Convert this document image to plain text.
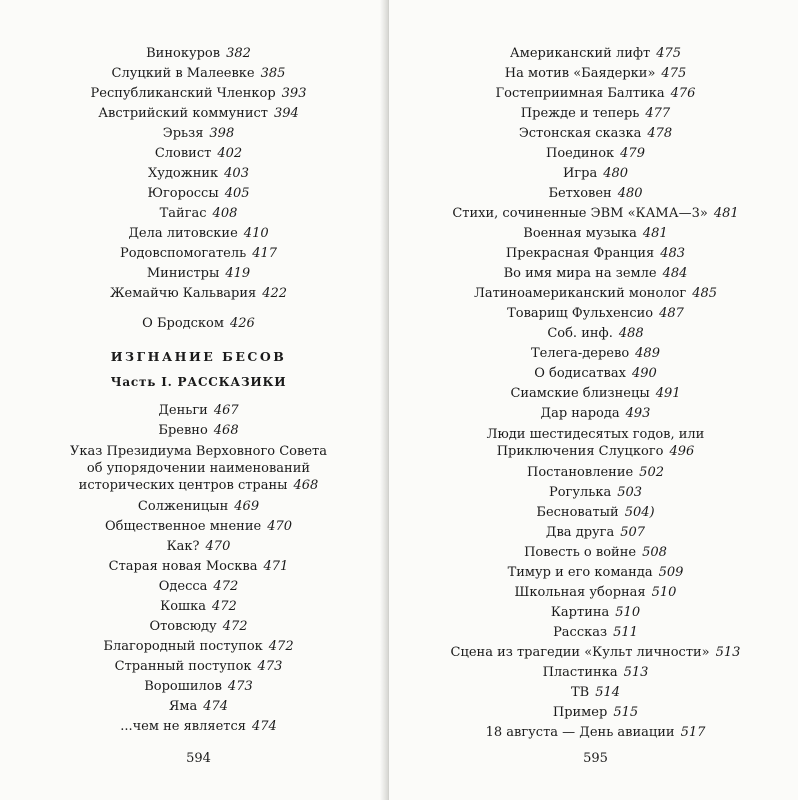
Винокуров 382
Слуцкий в Малеевке 385
Республиканский Членкор 393
Австрийский коммунист 394
Эрьзя 398
Словист 402
Художник 403
Югороссы 405
Тайгас 408
Дела литовские 410
Родовспомогатель 417
Министры 419
Жемайчю Кальвария 422
О Бродском 426
ИЗГНАНИЕ БЕСОВ
Часть I. РАССКАЗИКИ
Деньги 467
Бревно 468
Указ Президиума Верховного Совета
об упорядочении наименований
исторических центров страны 468
Солженицын 469
Общественное мнение 470
Как? 470
Старая новая Москва 471
Одесса 472
Кошка 472
Отовсюду 472
Благородный поступок 472
Странный поступок 473
Ворошилов 473
Яма 474
...чем не является 474
594
Американский лифт 475
На мотив «Баядерки» 475
Гостеприимная Балтика 476
Прежде и теперь 477
Эстонская сказка 478
Поединок 479
Игра 480
Бетховен 480
Стихи, сочиненные ЭВМ «КАМА—3» 481
Военная музыка 481
Прекрасная Франция 483
Во имя мира на земле 484
Латиноамериканский монолог 485
Товарищ Фульхенсио 487
Соб. инф. 488
Телега-дерево 489
О бодисатвах 490
Сиамские близнецы 491
Дар народа 493
Люди шестидесятых годов, или
Приключения Слуцкого 496
Постановление 502
Рогулька 503
Бесноватый 504)
Два друга 507
Повесть о войне 508
Тимур и его команда 509
Школьная уборная 510
Картина 510
Рассказ 511
Сцена из трагедии «Культ личности» 513
Пластинка 513
ТВ 514
Пример 515
18 августа — День авиации 517
595
